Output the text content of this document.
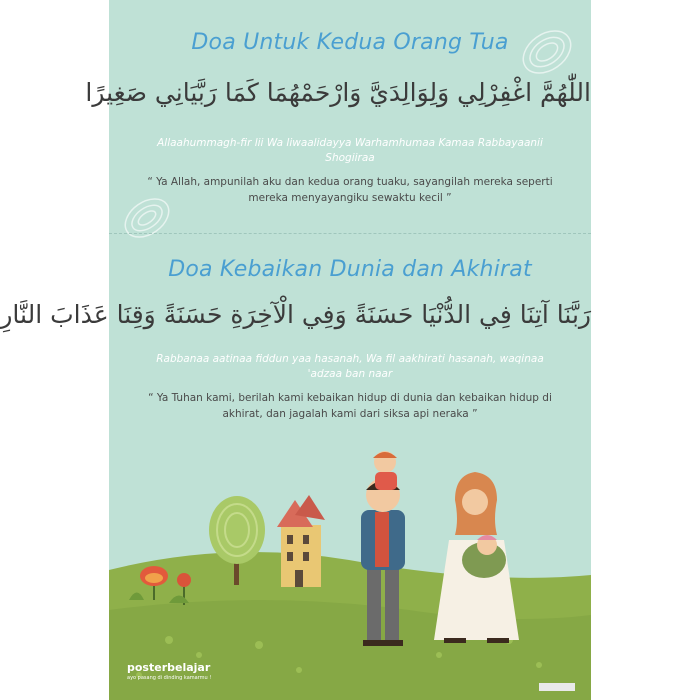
Doa Untuk Kedua Orang Tua
اللّٰهُمَّ اغْفِرْلِي وَلِوَالِدَيَّ وَارْحَمْهُمَا كَمَا رَبَّيَانِي صَغِيرًا
Allaahummagh-fir lii Wa liwaalidayya Warhamhumaa Kamaa Rabbayaanii Shogiiraa
“ Ya Allah, ampunilah aku dan kedua orang tuaku, sayangilah mereka seperti mereka menyayangiku sewaktu kecil ”
Doa Kebaikan Dunia dan Akhirat
رَبَّنَا آتِنَا فِي الدُّنْيَا حَسَنَةً وَفِي الْآخِرَةِ حَسَنَةً وَقِنَا عَذَابَ النَّارِ
Rabbanaa aatinaa fiddun yaa hasanah, Wa fil aakhirati hasanah, waqinaa 'adzaa ban naar
“ Ya Tuhan kami, berilah kami kebaikan hidup di dunia dan kebaikan hidup di akhirat, dan jagalah kami dari siksa api neraka ”
posterbelajar
ayo pasang di dinding kamarmu !
